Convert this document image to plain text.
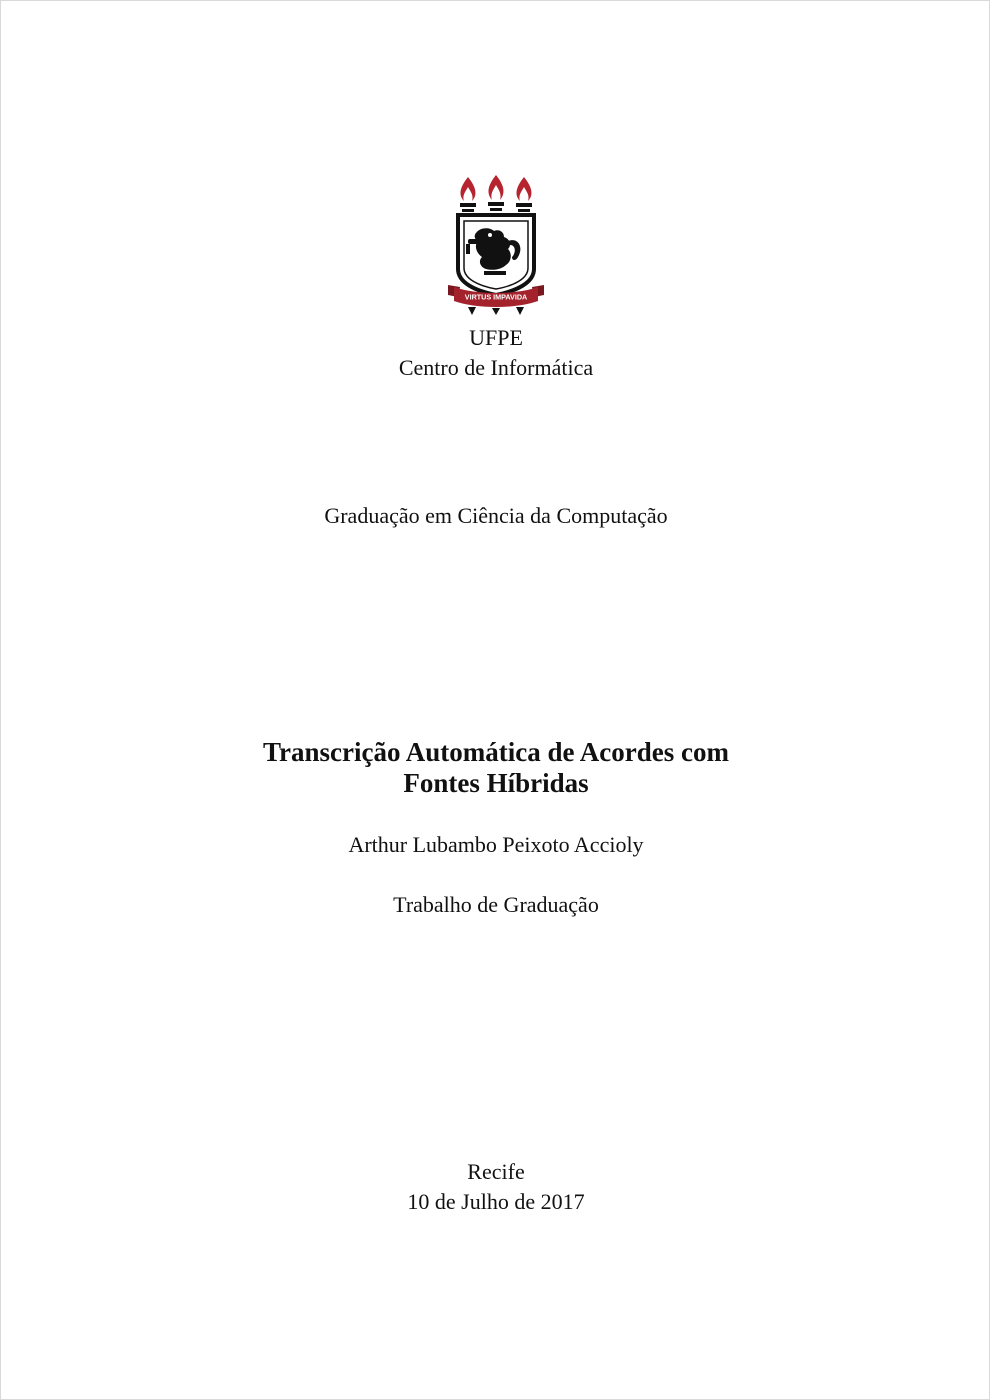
VIRTUS IMPAVIDA
UFPE
Centro de Informática
Graduação em Ciência da Computação
Transcrição Automática de Acordes com
Fontes Híbridas
Arthur Lubambo Peixoto Accioly
Trabalho de Graduação
Recife
10 de Julho de 2017
